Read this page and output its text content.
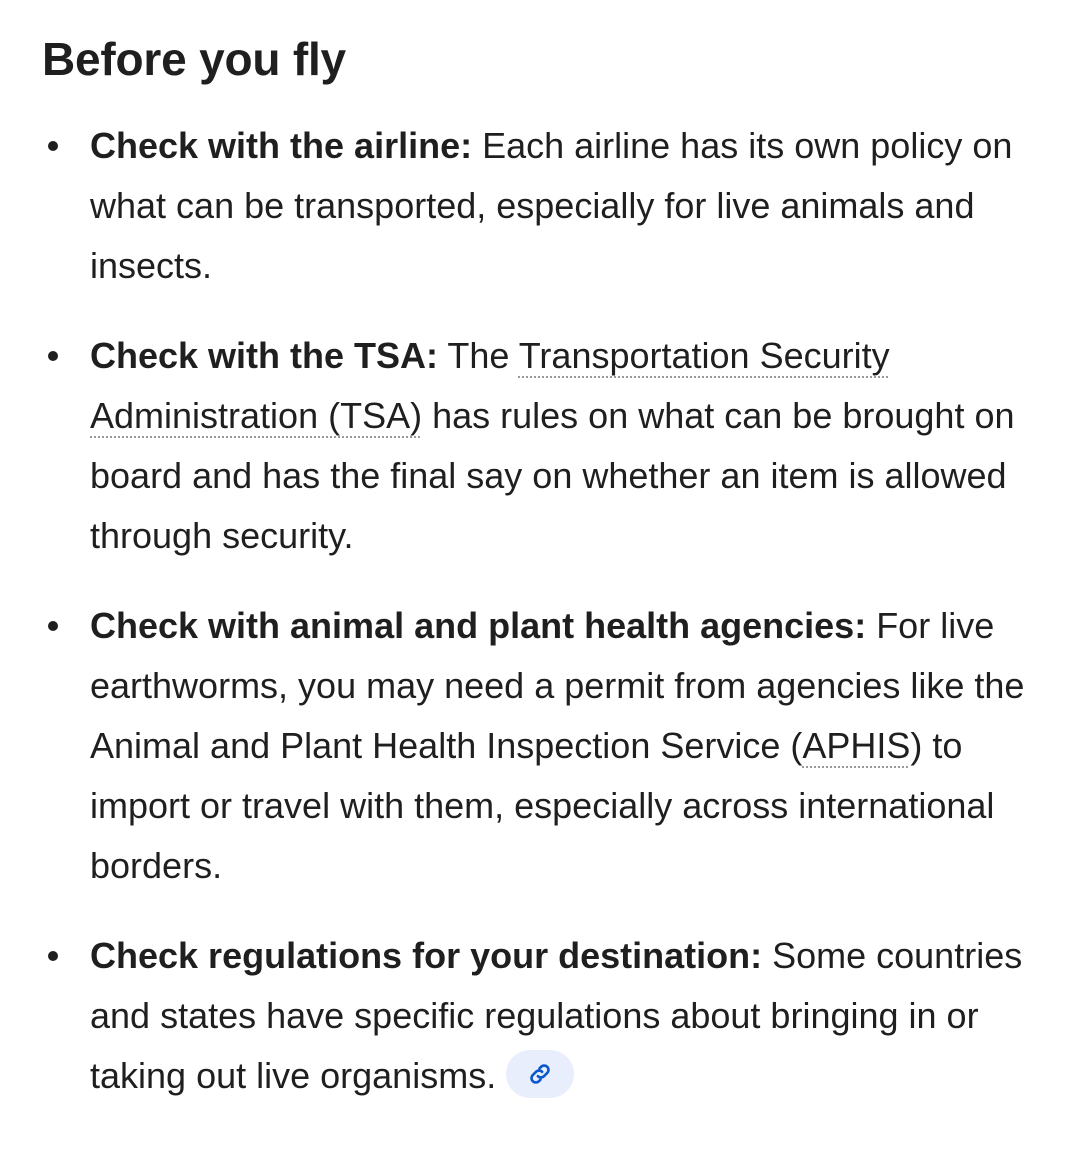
Before you fly
Check with the airline: Each airline has its own policy on what can be transported, especially for live animals and insects.
Check with the TSA: The Transportation Security Administration (TSA) has rules on what can be brought on board and has the final say on whether an item is allowed through security.
Check with animal and plant health agencies: For live earthworms, you may need a permit from agencies like the Animal and Plant Health Inspection Service (APHIS) to import or travel with them, especially across international borders.
Check regulations for your destination: Some countries and states have specific regulations about bringing in or taking out live organisms.
